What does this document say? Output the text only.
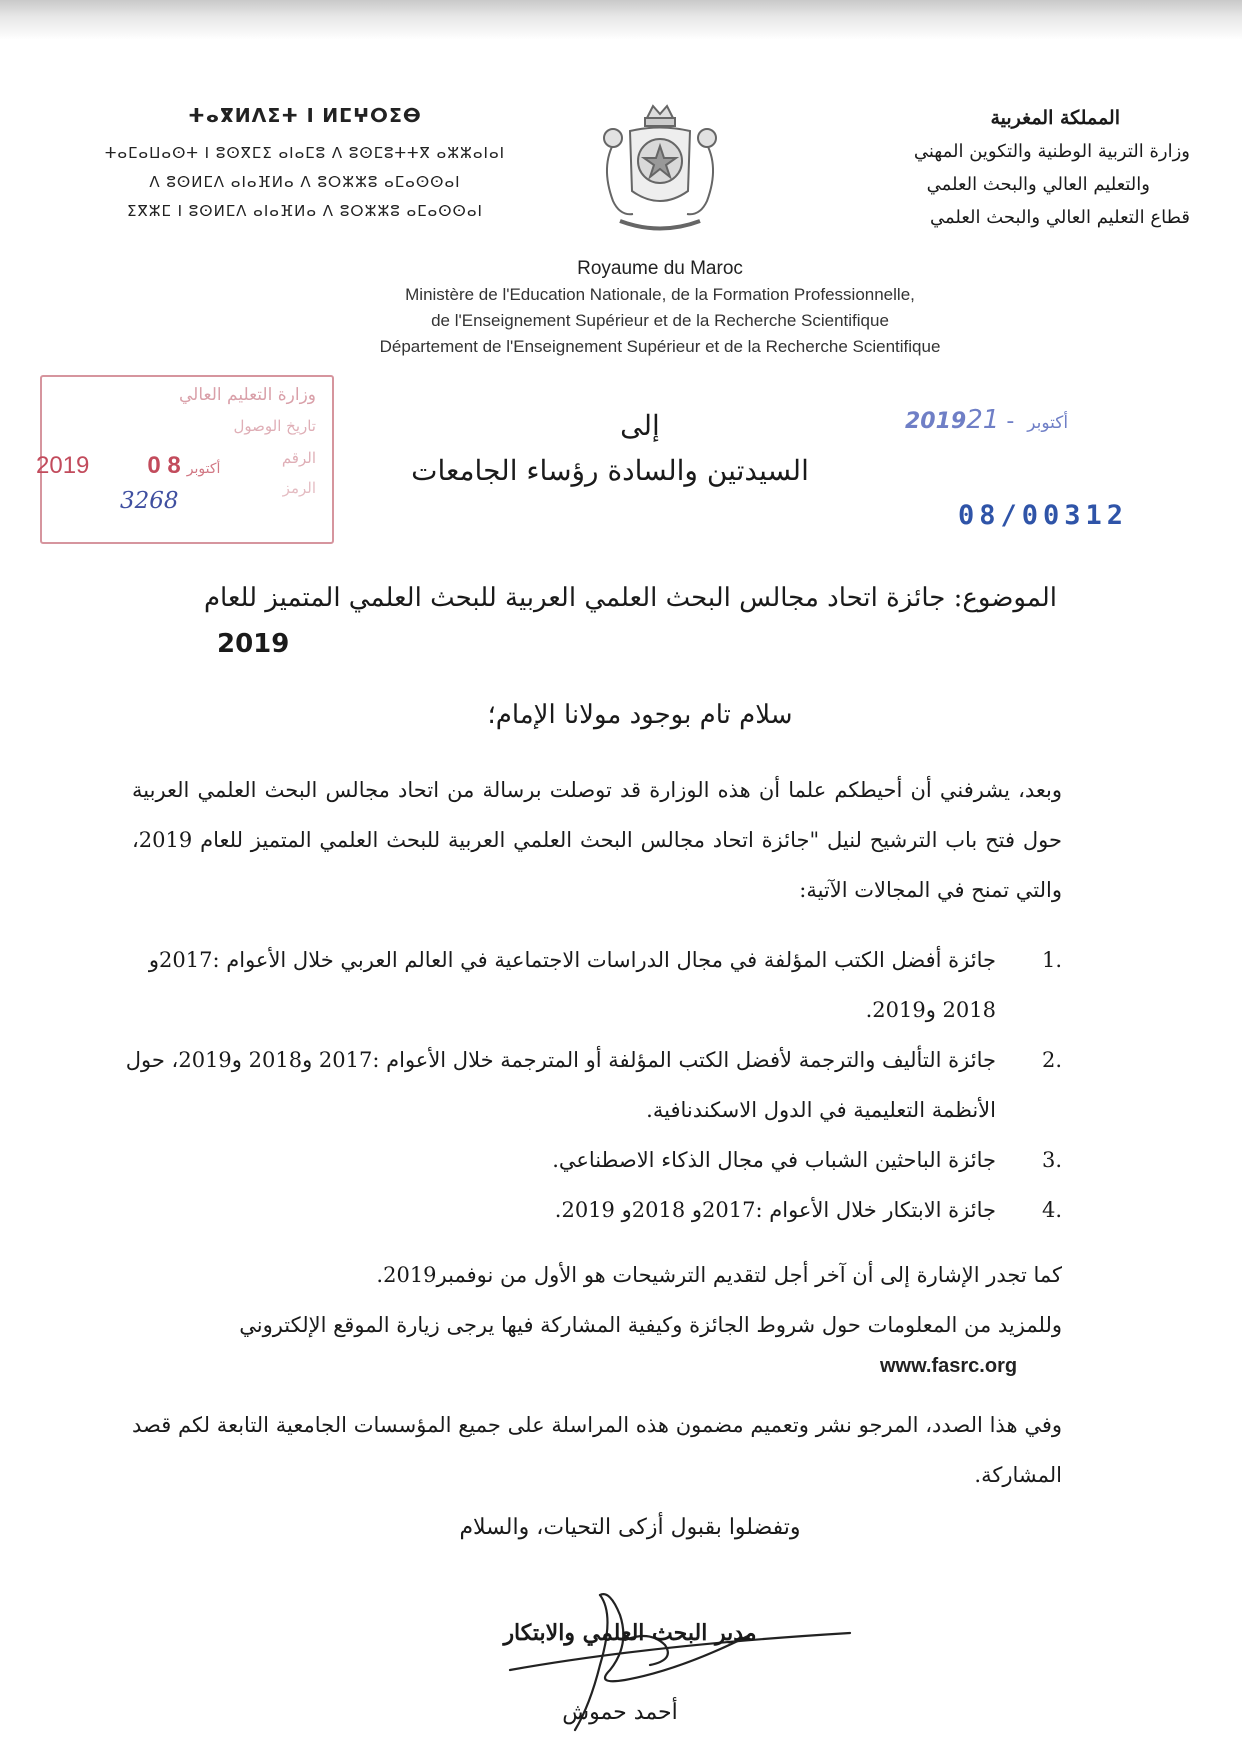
ⵜⴰⴳⵍⴷⵉⵜ ⵏ ⵍⵎⵖⵔⵉⴱ
ⵜⴰⵎⴰⵡⴰⵙⵜ ⵏ ⵓⵙⴳⵎⵉ ⴰⵏⴰⵎⵓ ⴷ ⵓⵙⵎⵓⵜⵜⴳ ⴰⵣⵣⴰⵏⴰⵏ
ⴷ ⵓⵙⵍⵎⴷ ⴰⵏⴰⴼⵍⴰ ⴷ ⵓⵔⵣⵣⵓ ⴰⵎⴰⵙⵙⴰⵏ
ⵉⴳⵣⵎ ⵏ ⵓⵙⵍⵎⴷ ⴰⵏⴰⴼⵍⴰ ⴷ ⵓⵔⵣⵣⵓ ⴰⵎⴰⵙⵙⴰⵏ
المملكة المغربية
وزارة التربية الوطنية والتكوين المهني
والتعليم العالي والبحث العلمي
قطاع التعليم العالي والبحث العلمي
Royaume du Maroc
Ministère de l'Education Nationale, de la Formation Professionnelle,
de l'Enseignement Supérieur et de la Recherche Scientifique
Département de l'Enseignement Supérieur et de la Recherche Scientifique
وزارة التعليم العالي
تاريخ الوصول
الرقم
الرمز
2019 0 8 أكتوبر
3268
2019	أكتوبر - 21
08/00312
إلى
السيدتين والسادة رؤساء الجامعات
الموضوع: جائزة اتحاد مجالس البحث العلمي العربية للبحث العلمي المتميز للعام
2019
سلام تام بوجود مولانا الإمام؛
وبعد، يشرفني أن أحيطكم علما أن هذه الوزارة قد توصلت برسالة من اتحاد مجالس البحث العلمي العربية حول فتح باب الترشيح لنيل "جائزة اتحاد مجالس البحث العلمي العربية للبحث العلمي المتميز للعام 2019، والتي تمنح في المجالات الآتية:
1.
جائزة أفضل الكتب المؤلفة في مجال الدراسات الاجتماعية في العالم العربي خلال الأعوام :2017و 2018 و2019.
2.
جائزة التأليف والترجمة لأفضل الكتب المؤلفة أو المترجمة خلال الأعوام :2017 و2018 و2019، حول الأنظمة التعليمية في الدول الاسكندنافية.
3.
جائزة الباحثين الشباب في مجال الذكاء الاصطناعي.
4.
جائزة الابتكار خلال الأعوام :2017و 2018و 2019.
كما تجدر الإشارة إلى أن آخر أجل لتقديم الترشيحات هو الأول من نوفمبر2019.
وللمزيد من المعلومات حول شروط الجائزة وكيفية المشاركة فيها يرجى زيارة الموقع الإلكتروني
www.fasrc.org
وفي هذا الصدد، المرجو نشر وتعميم مضمون هذه المراسلة على جميع المؤسسات الجامعية التابعة لكم قصد المشاركة.
وتفضلوا بقبول أزكى التحيات، والسلام
مدير البحث العلمي والابتكار
أحمد حموش
